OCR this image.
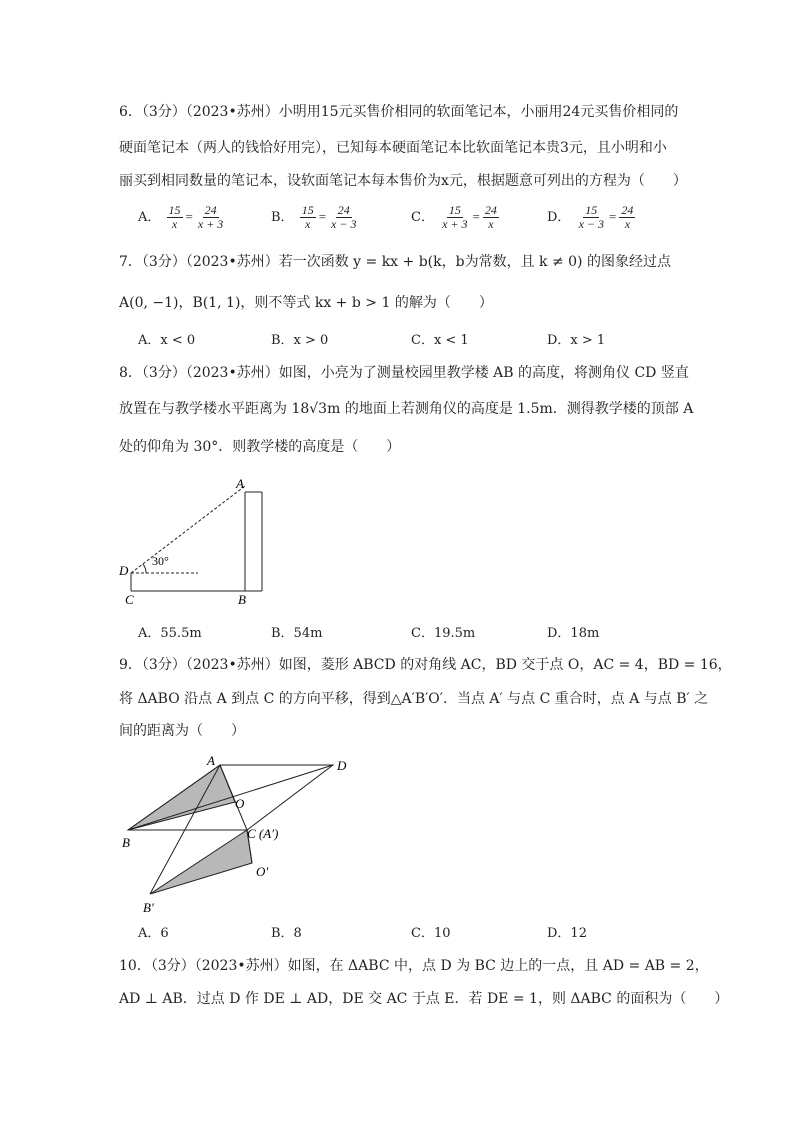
6．（3分）（2023•苏州）小明用15元买售价相同的软面笔记本，小丽用24元买售价相同的
硬面笔记本（两人的钱恰好用完），已知每本硬面笔记本比软面笔记本贵3元，且小明和小
丽买到相同数量的笔记本，设软面笔记本每本售价为x元，根据题意可列出的方程为（　　）
A． $\frac{15}{x} = \frac{24}{x + 3}$	B． $\frac{15}{x} = \frac{24}{x - 3}$	C． $\frac{15}{x + 3} = \frac{24}{x}$	D． $\frac{15}{x - 3} = \frac{24}{x}$
7．（3分）（2023•苏州）若一次函数 y = kx + b(k，b为常数，且 k ≠ 0) 的图象经过点
A(0, −1)，B(1, 1)，则不等式 kx + b > 1 的解为（　　）
A．x < 0	B．x > 0	C．x < 1	D．x > 1
8．（3分）（2023•苏州）如图，小亮为了测量校园里教学楼 AB 的高度，将测角仪 CD 竖直
放置在与教学楼水平距离为 18√3m 的地面上若测角仪的高度是 1.5m．测得教学楼的顶部 A
处的仰角为 30°．则教学楼的高度是（　　）
A
B
C
D
30°
A．55.5m	B．54m	C．19.5m	D．18m
9．（3分）（2023•苏州）如图，菱形 ABCD 的对角线 AC，BD 交于点 O，AC = 4，BD = 16，
将 ΔABO 沿点 A 到点 C 的方向平移，得到△A′B′O′．当点 A′ 与点 C 重合时，点 A 与点 B′ 之
间的距离为（　　）
A	D
O
B
C (A′)
O′
B′
A．6	B．8	C．10	D．12
10．（3分）（2023•苏州）如图，在 ΔABC 中，点 D 为 BC 边上的一点，且 AD = AB = 2，
AD ⊥ AB．过点 D 作 DE ⊥ AD，DE 交 AC 于点 E．若 DE = 1，则 ΔABC 的面积为（　　）
